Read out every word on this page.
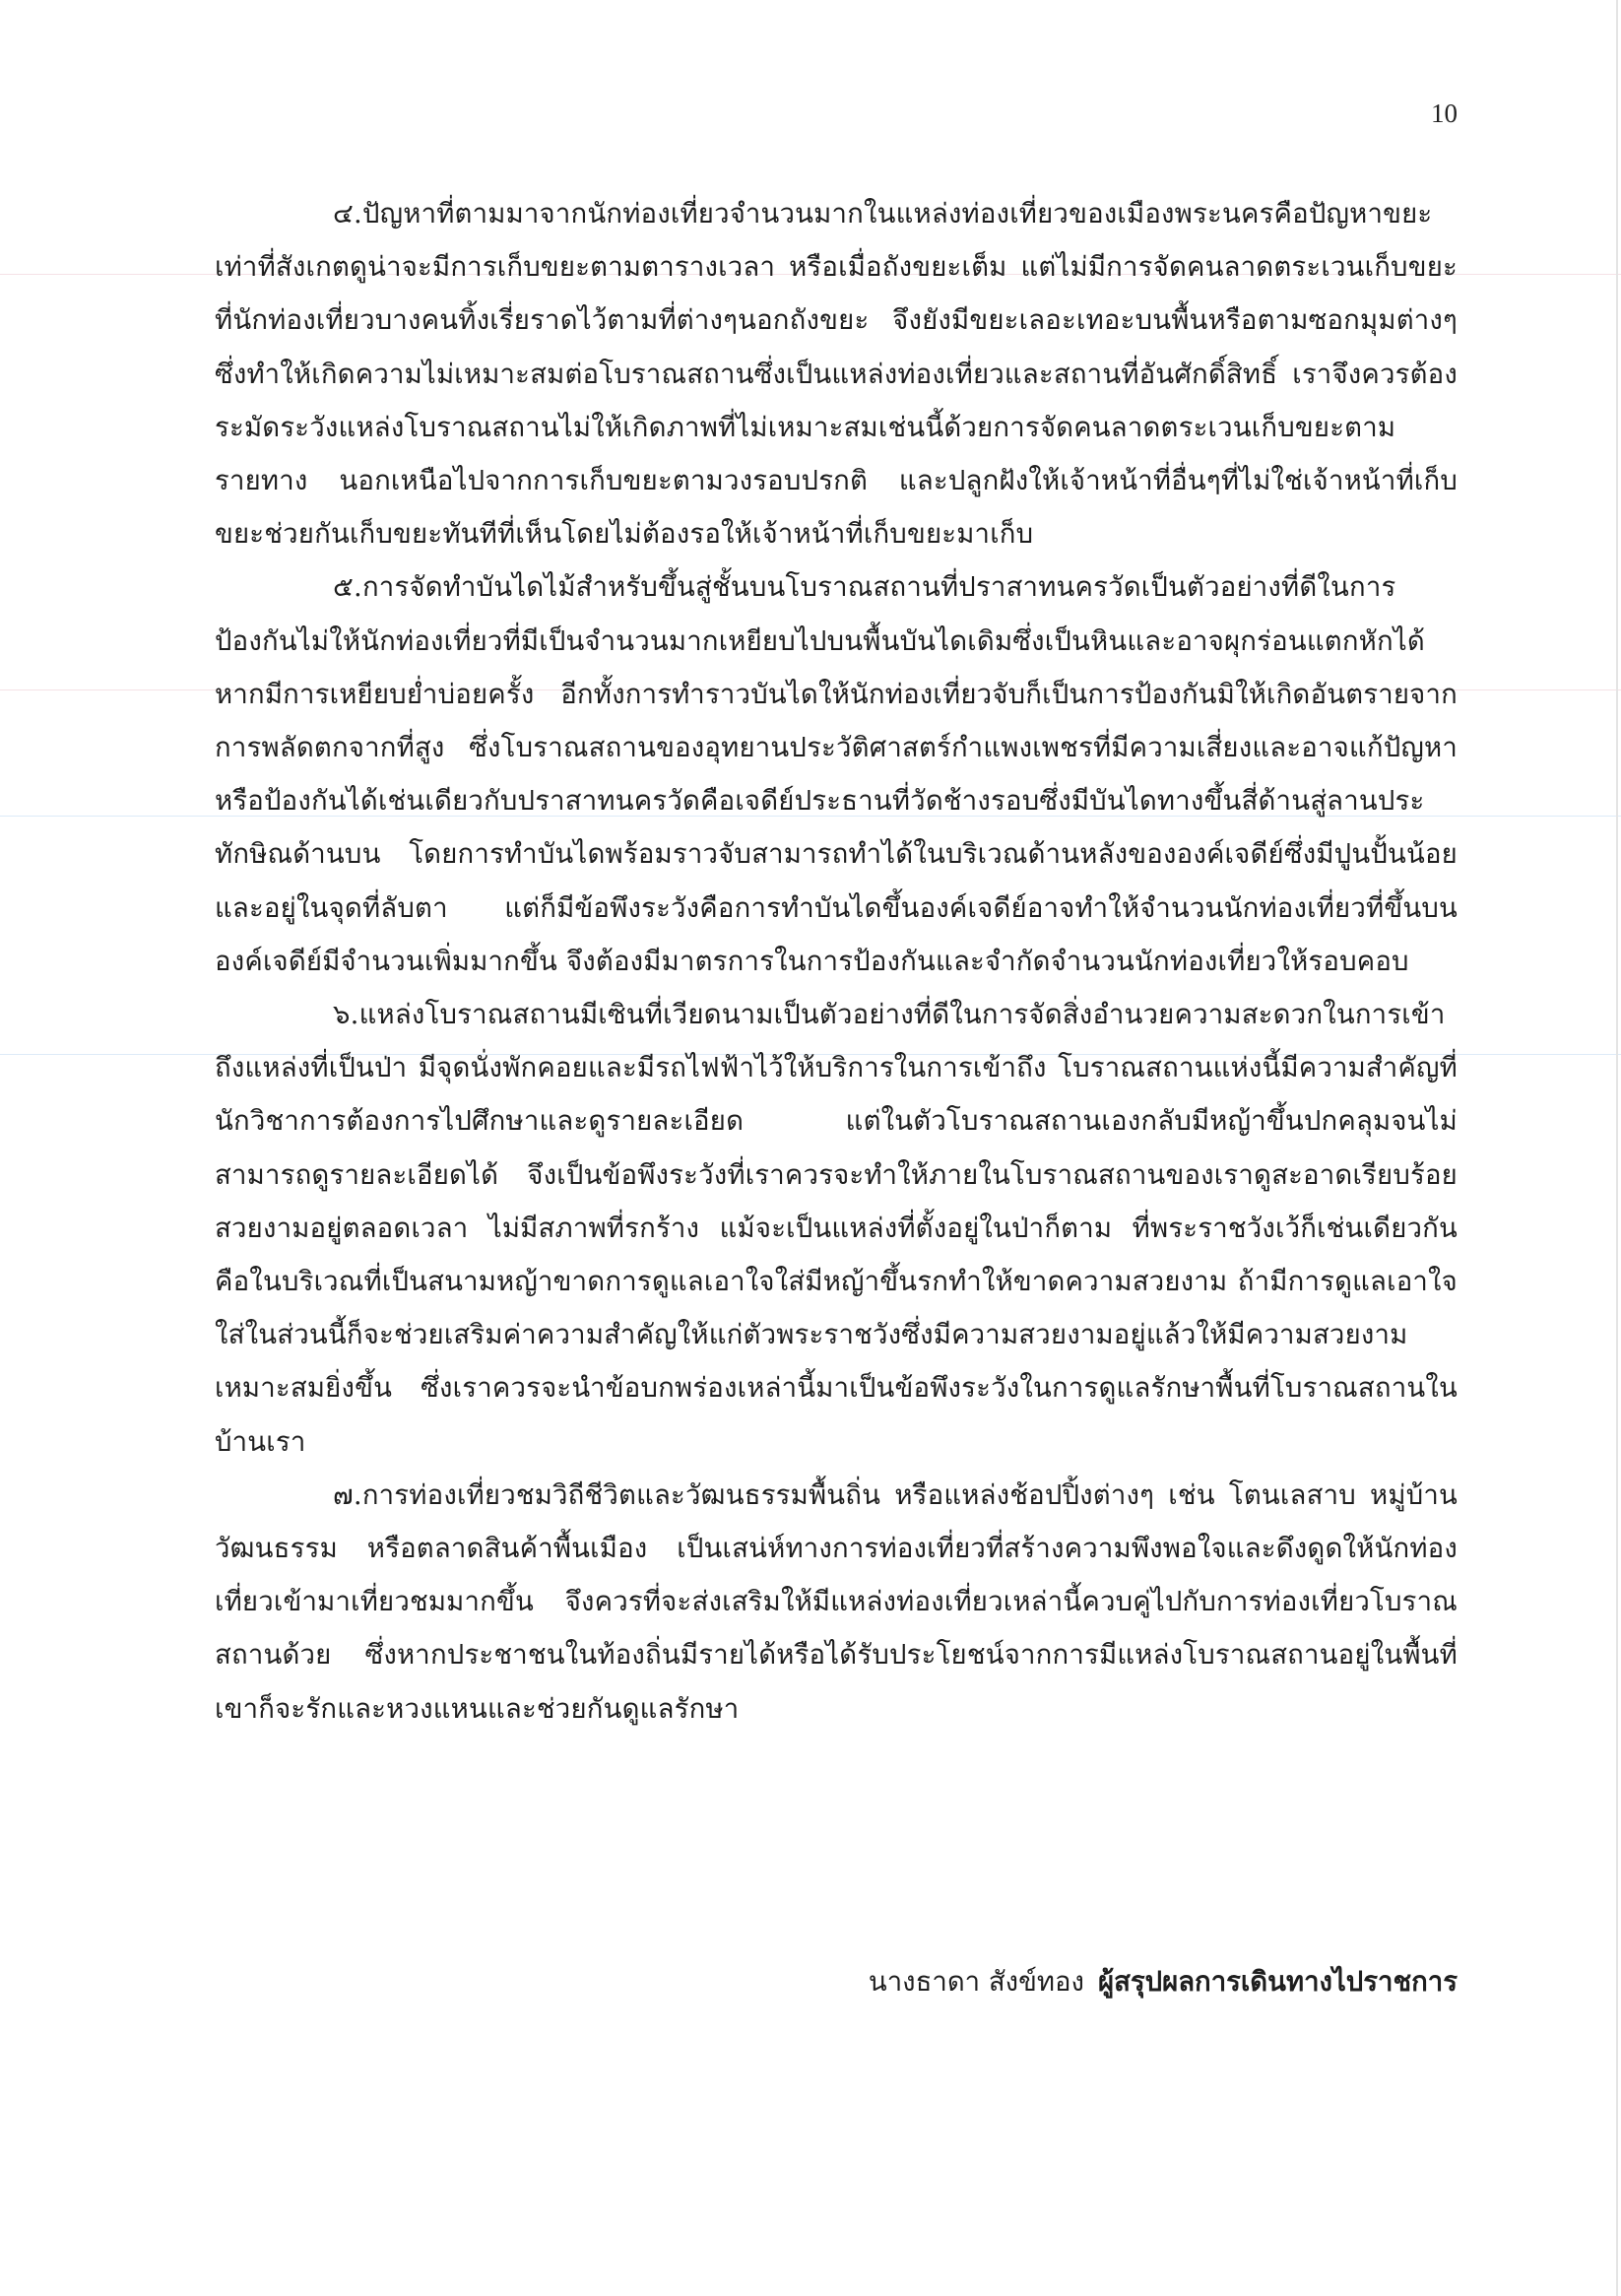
10

๔.ปัญหาที่ตามมาจากนักท่องเที่ยวจำนวนมากในแหล่งท่องเที่ยวของเมืองพระนครคือปัญหาขยะ เท่าที่สังเกตดูน่าจะมีการเก็บขยะตามตารางเวลา หรือเมื่อถังขยะเต็ม แต่ไม่มีการจัดคนลาดตระเวนเก็บขยะที่นักท่องเที่ยวบางคนทิ้งเรี่ยราดไว้ตามที่ต่างๆนอกถังขยะ จึงยังมีขยะเลอะเทอะบนพื้นหรือตามซอกมุมต่างๆ ซึ่งทำให้เกิดความไม่เหมาะสมต่อโบราณสถานซึ่งเป็นแหล่งท่องเที่ยวและสถานที่อันศักดิ์สิทธิ์ เราจึงควรต้องระมัดระวังแหล่งโบราณสถานไม่ให้เกิดภาพที่ไม่เหมาะสมเช่นนี้ด้วยการจัดคนลาดตระเวนเก็บขยะตามรายทาง นอกเหนือไปจากการเก็บขยะตามวงรอบปรกติ และปลูกฝังให้เจ้าหน้าที่อื่นๆที่ไม่ใช่เจ้าหน้าที่เก็บขยะช่วยกันเก็บขยะทันทีที่เห็นโดยไม่ต้องรอให้เจ้าหน้าที่เก็บขยะมาเก็บ

๕.การจัดทำบันไดไม้สำหรับขึ้นสู่ชั้นบนโบราณสถานที่ปราสาทนครวัดเป็นตัวอย่างที่ดีในการป้องกันไม่ให้นักท่องเที่ยวที่มีเป็นจำนวนมากเหยียบไปบนพื้นบันไดเดิมซึ่งเป็นหินและอาจผุกร่อนแตกหักได้หากมีการเหยียบย่ำบ่อยครั้ง อีกทั้งการทำราวบันไดให้นักท่องเที่ยวจับก็เป็นการป้องกันมิให้เกิดอันตรายจากการพลัดตกจากที่สูง ซึ่งโบราณสถานของอุทยานประวัติศาสตร์กำแพงเพชรที่มีความเสี่ยงและอาจแก้ปัญหาหรือป้องกันได้เช่นเดียวกับปราสาทนครวัดคือเจดีย์ประธานที่วัดช้างรอบซึ่งมีบันไดทางขึ้นสี่ด้านสู่ลานประทักษิณด้านบน โดยการทำบันไดพร้อมราวจับสามารถทำได้ในบริเวณด้านหลังขององค์เจดีย์ซึ่งมีปูนปั้นน้อยและอยู่ในจุดที่ลับตา แต่ก็มีข้อพึงระวังคือการทำบันไดขึ้นองค์เจดีย์อาจทำให้จำนวนนักท่องเที่ยวที่ขึ้นบนองค์เจดีย์มีจำนวนเพิ่มมากขึ้น จึงต้องมีมาตรการในการป้องกันและจำกัดจำนวนนักท่องเที่ยวให้รอบคอบ

๖.แหล่งโบราณสถานมีเซินที่เวียดนามเป็นตัวอย่างที่ดีในการจัดสิ่งอำนวยความสะดวกในการเข้าถึงแหล่งที่เป็นป่า มีจุดนั่งพักคอยและมีรถไฟฟ้าไว้ให้บริการในการเข้าถึง โบราณสถานแห่งนี้มีความสำคัญที่นักวิชาการต้องการไปศึกษาและดูรายละเอียด แต่ในตัวโบราณสถานเองกลับมีหญ้าขึ้นปกคลุมจนไม่สามารถดูรายละเอียดได้ จึงเป็นข้อพึงระวังที่เราควรจะทำให้ภายในโบราณสถานของเราดูสะอาดเรียบร้อยสวยงามอยู่ตลอดเวลา ไม่มีสภาพที่รกร้าง แม้จะเป็นแหล่งที่ตั้งอยู่ในป่าก็ตาม ที่พระราชวังเว้ก็เช่นเดียวกันคือในบริเวณที่เป็นสนามหญ้าขาดการดูแลเอาใจใส่มีหญ้าขึ้นรกทำให้ขาดความสวยงาม ถ้ามีการดูแลเอาใจใส่ในส่วนนี้ก็จะช่วยเสริมค่าความสำคัญให้แก่ตัวพระราชวังซึ่งมีความสวยงามอยู่แล้วให้มีความสวยงามเหมาะสมยิ่งขึ้น ซึ่งเราควรจะนำข้อบกพร่องเหล่านี้มาเป็นข้อพึงระวังในการดูแลรักษาพื้นที่โบราณสถานในบ้านเรา

๗.การท่องเที่ยวชมวิถีชีวิตและวัฒนธรรมพื้นถิ่น หรือแหล่งช้อปปิ้งต่างๆ เช่น โตนเลสาบ หมู่บ้านวัฒนธรรม หรือตลาดสินค้าพื้นเมือง เป็นเสน่ห์ทางการท่องเที่ยวที่สร้างความพึงพอใจและดึงดูดให้นักท่องเที่ยวเข้ามาเที่ยวชมมากขึ้น จึงควรที่จะส่งเสริมให้มีแหล่งท่องเที่ยวเหล่านี้ควบคู่ไปกับการท่องเที่ยวโบราณสถานด้วย ซึ่งหากประชาชนในท้องถิ่นมีรายได้หรือได้รับประโยชน์จากการมีแหล่งโบราณสถานอยู่ในพื้นที่ เขาก็จะรักและหวงแหนและช่วยกันดูแลรักษา

นางธาดา สังข์ทอง ผู้สรุปผลการเดินทางไปราชการ
